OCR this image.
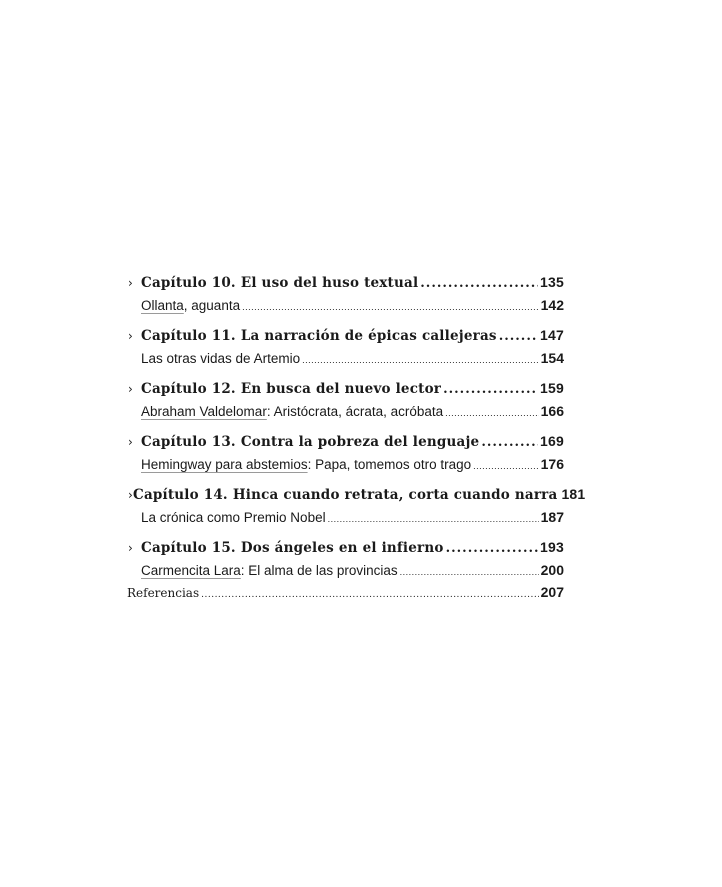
› Capítulo 10. El uso del huso textual .....	135
Ollanta , aguanta .....	142
› Capítulo 11. La narración de épicas callejeras .....	147
Las otras vidas de Artemio .....	154
› Capítulo 12. En busca del nuevo lector .....	159
Abraham Valdelomar : Aristócrata, ácrata, acróbata .....	166
› Capítulo 13. Contra la pobreza del lenguaje .....	169
Hemingway para abstemios : Papa, tomemos otro trago .....	176
› Capítulo 14. Hinca cuando retrata, corta cuando narra 181
La crónica como Premio Nobel .....	187
› Capítulo 15. Dos ángeles en el infierno .....	193
Carmencita Lara : El alma de las provincias .....	200
Referencias .....	207
